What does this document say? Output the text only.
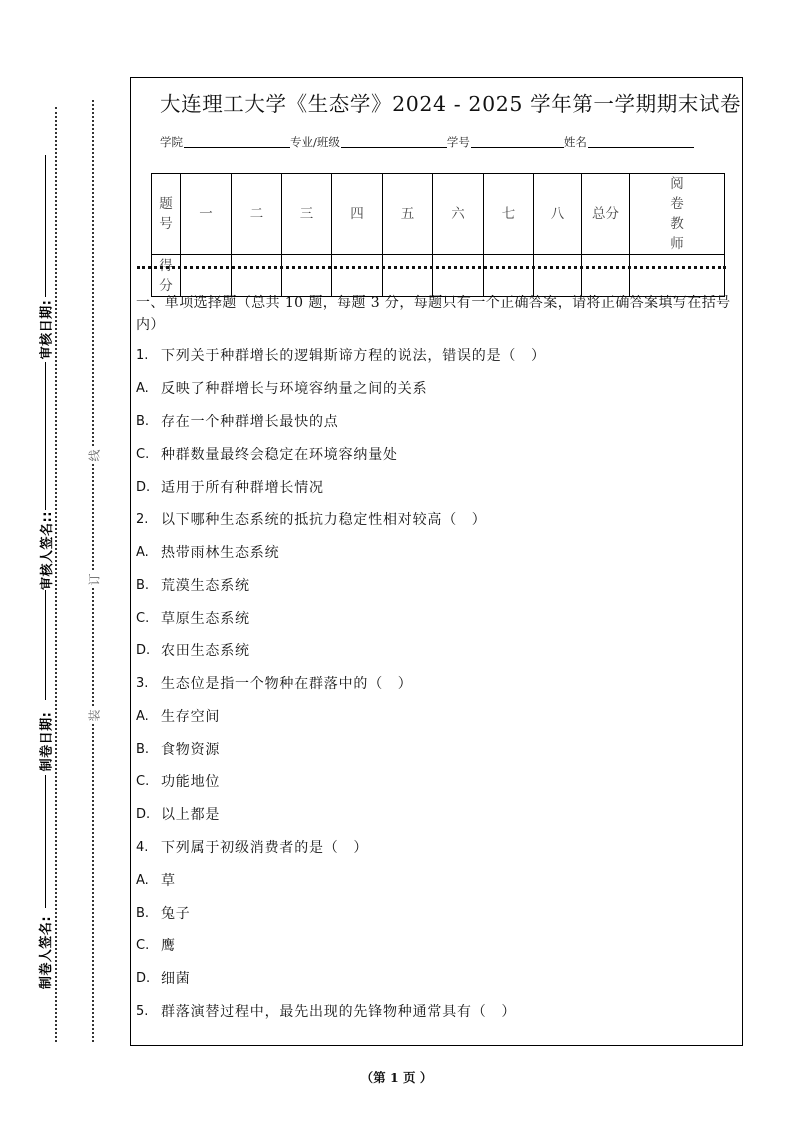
审核日期:
审核人签名::
制卷日期:
制卷人签名:
线
订
装
大连理工大学《生态学》2024 - 2025 学年第一学期期末试卷
学院	专业/班级	学号	姓名
题号	一	二	三	四	五	六	七	八	总分	阅卷教师
得分										
一、单项选择题（总共 10 题，每题 3 分，每题只有一个正确答案，请将正确答案填写在括号内）
1. 下列关于种群增长的逻辑斯谛方程的说法，错误的是（　）
A. 反映了种群增长与环境容纳量之间的关系
B. 存在一个种群增长最快的点
C. 种群数量最终会稳定在环境容纳量处
D. 适用于所有种群增长情况
2. 以下哪种生态系统的抵抗力稳定性相对较高（　）
A. 热带雨林生态系统
B. 荒漠生态系统
C. 草原生态系统
D. 农田生态系统
3. 生态位是指一个物种在群落中的（　）
A. 生存空间
B. 食物资源
C. 功能地位
D. 以上都是
4. 下列属于初级消费者的是（　）
A. 草
B. 兔子
C. 鹰
D. 细菌
5. 群落演替过程中，最先出现的先锋物种通常具有（　）
（第 1 页 ）
